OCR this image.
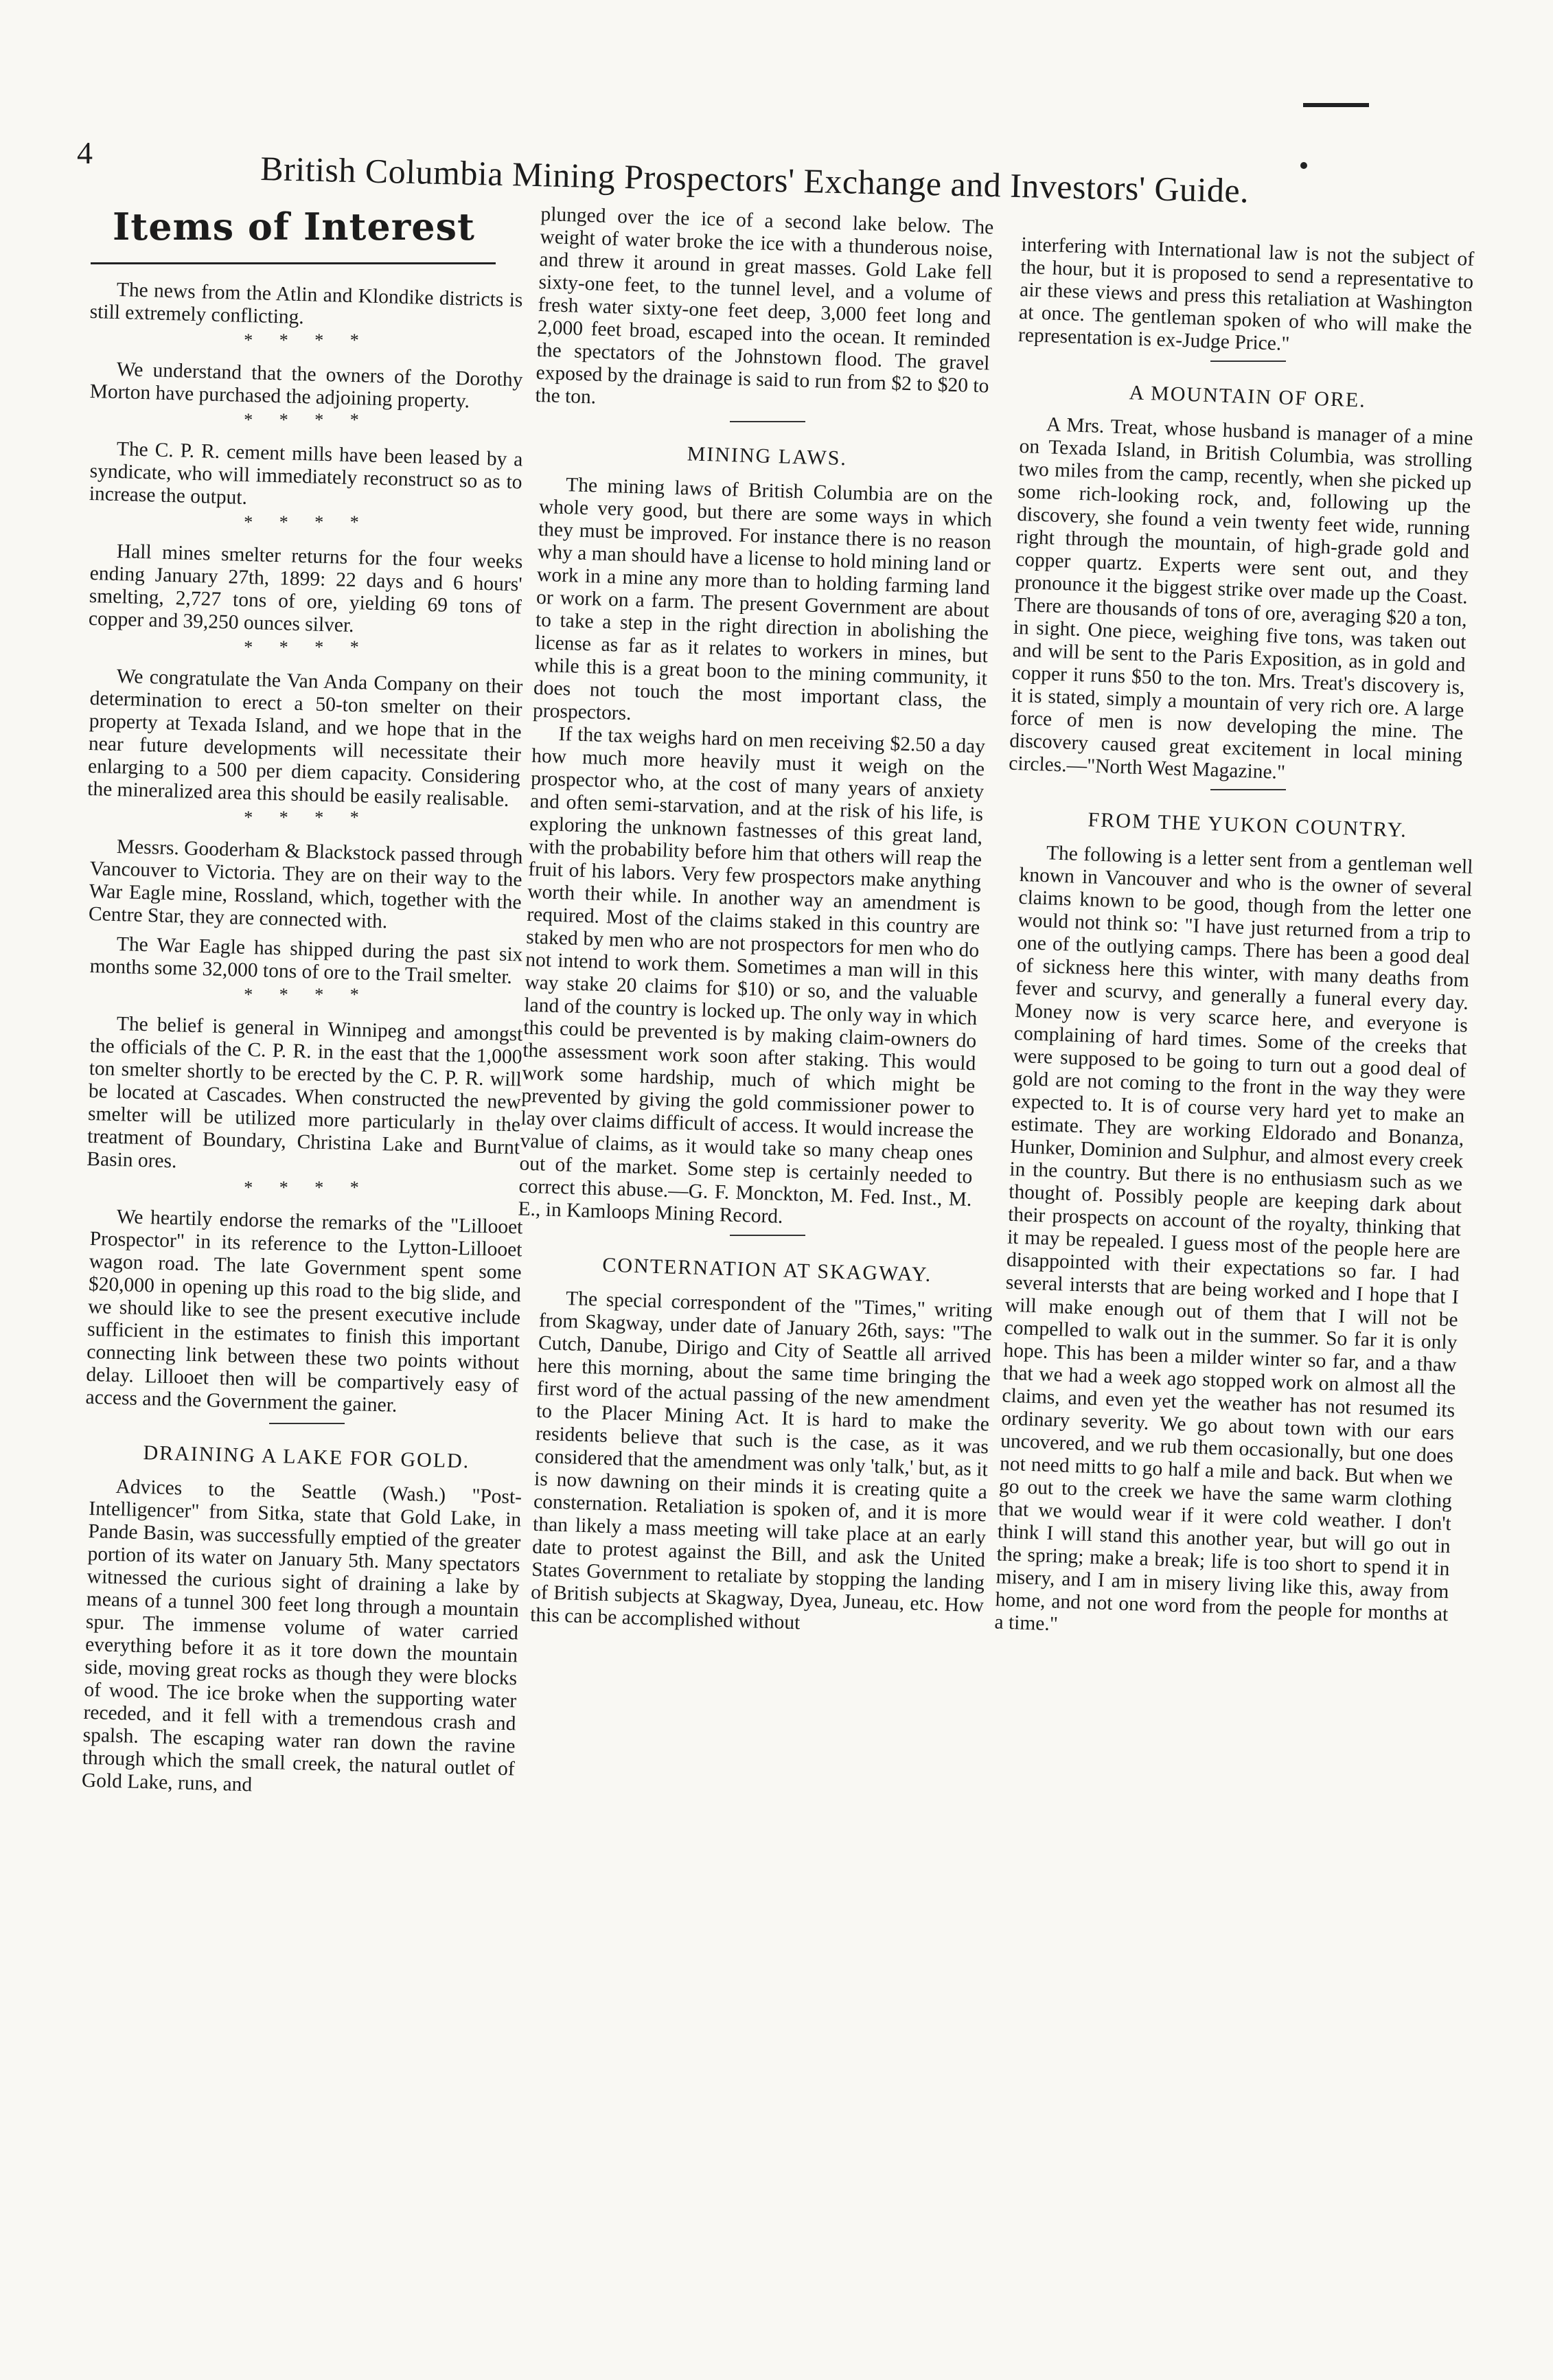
4	British Columbia Mining Prospectors' Exchange and Investors' Guide.
Items of Interest

The news from the Atlin and Klondike districts is still extremely conflicting.

* * * *

We understand that the owners of the Dorothy Morton have purchased the adjoining property.

* * * *

The C. P. R. cement mills have been leased by a syndicate, who will immediately reconstruct so as to increase the output.

* * * *

Hall mines smelter returns for the four weeks ending January 27th, 1899: 22 days and 6 hours' smelting, 2,727 tons of ore, yielding 69 tons of copper and 39,250 ounces silver.

* * * *

We congratulate the Van Anda Company on their determination to erect a 50-ton smelter on their property at Texada Island, and we hope that in the near future developments will necessitate their enlarging to a 500 per diem capacity. Considering the mineralized area this should be easily realisable.

* * * *

Messrs. Gooderham & Blackstock passed through Vancouver to Victoria. They are on their way to the War Eagle mine, Rossland, which, together with the Centre Star, they are connected with.

The War Eagle has shipped during the past six months some 32,000 tons of ore to the Trail smelter.

* * * *

The belief is general in Winnipeg and amongst the officials of the C. P. R. in the east that the 1,000 ton smelter shortly to be erected by the C. P. R. will be located at Cascades. When constructed the new smelter will be utilized more particularly in the treatment of Boundary, Christina Lake and Burnt Basin ores.

* * * *

We heartily endorse the remarks of the "Lillooet Prospector" in its reference to the Lytton-Lillooet wagon road. The late Government spent some $20,000 in opening up this road to the big slide, and we should like to see the present executive include sufficient in the estimates to finish this important connecting link between these two points without delay. Lillooet then will be compartively easy of access and the Government the gainer.

DRAINING A LAKE FOR GOLD.

Advices to the Seattle (Wash.) "Post-Intelligencer" from Sitka, state that Gold Lake, in Pande Basin, was successfully emptied of the greater portion of its water on January 5th. Many spectators witnessed the curious sight of draining a lake by means of a tunnel 300 feet long through a mountain spur. The immense volume of water carried everything before it as it tore down the mountain side, moving great rocks as though they were blocks of wood. The ice broke when the supporting water receded, and it fell with a tremendous crash and spalsh. The escaping water ran down the ravine through which the small creek, the natural outlet of Gold Lake, runs, and

plunged over the ice of a second lake below. The weight of water broke the ice with a thunderous noise, and threw it around in great masses. Gold Lake fell sixty-one feet, to the tunnel level, and a volume of fresh water sixty-one feet deep, 3,000 feet long and 2,000 feet broad, escaped into the ocean. It reminded the spectators of the Johnstown flood. The gravel exposed by the drainage is said to run from $2 to $20 to the ton.

MINING LAWS.

The mining laws of British Columbia are on the whole very good, but there are some ways in which they must be improved. For instance there is no reason why a man should have a license to hold mining land or work in a mine any more than to holding farming land or work on a farm. The present Government are about to take a step in the right direction in abolishing the license as far as it relates to workers in mines, but while this is a great boon to the mining community, it does not touch the most important class, the prospectors.

If the tax weighs hard on men receiving $2.50 a day how much more heavily must it weigh on the prospector who, at the cost of many years of anxiety and often semi-starvation, and at the risk of his life, is exploring the unknown fastnesses of this great land, with the probability before him that others will reap the fruit of his labors. Very few prospectors make anything worth their while. In another way an amendment is required. Most of the claims staked in this country are staked by men who are not prospectors for men who do not intend to work them. Sometimes a man will in this way stake 20 claims for $10) or so, and the valuable land of the country is locked up. The only way in which this could be prevented is by making claim-owners do the assessment work soon after staking. This would work some hardship, much of which might be prevented by giving the gold commissioner power to lay over claims difficult of access. It would increase the value of claims, as it would take so many cheap ones out of the market. Some step is certainly needed to correct this abuse.—G. F. Monckton, M. Fed. Inst., M. E., in Kamloops Mining Record.

CONTERNATION AT SKAGWAY.

The special correspondent of the "Times," writing from Skagway, under date of January 26th, says: "The Cutch, Danube, Dirigo and City of Seattle all arrived here this morning, about the same time bringing the first word of the actual passing of the new amendment to the Placer Mining Act. It is hard to make the residents believe that such is the case, as it was considered that the amendment was only 'talk,' but, as it is now dawning on their minds it is creating quite a consternation. Retaliation is spoken of, and it is more than likely a mass meeting will take place at an early date to protest against the Bill, and ask the United States Government to retaliate by stopping the landing of British subjects at Skagway, Dyea, Juneau, etc. How this can be accomplished without

interfering with International law is not the subject of the hour, but it is proposed to send a representative to air these views and press this retaliation at Washington at once. The gentleman spoken of who will make the representation is ex-Judge Price."

A MOUNTAIN OF ORE.

A Mrs. Treat, whose husband is manager of a mine on Texada Island, in British Columbia, was strolling two miles from the camp, recently, when she picked up some rich-looking rock, and, following up the discovery, she found a vein twenty feet wide, running right through the mountain, of high-grade gold and copper quartz. Experts were sent out, and they pronounce it the biggest strike over made up the Coast. There are thousands of tons of ore, averaging $20 a ton, in sight. One piece, weighing five tons, was taken out and will be sent to the Paris Exposition, as in gold and copper it runs $50 to the ton. Mrs. Treat's discovery is, it is stated, simply a mountain of very rich ore. A large force of men is now developing the mine. The discovery caused great excitement in local mining circles.—"North West Magazine."

FROM THE YUKON COUNTRY.

The following is a letter sent from a gentleman well known in Vancouver and who is the owner of several claims known to be good, though from the letter one would not think so: "I have just returned from a trip to one of the outlying camps. There has been a good deal of sickness here this winter, with many deaths from fever and scurvy, and generally a funeral every day. Money now is very scarce here, and everyone is complaining of hard times. Some of the creeks that were supposed to be going to turn out a good deal of gold are not coming to the front in the way they were expected to. It is of course very hard yet to make an estimate. They are working Eldorado and Bonanza, Hunker, Dominion and Sulphur, and almost every creek in the country. But there is no enthusiasm such as we thought of. Possibly people are keeping dark about their prospects on account of the royalty, thinking that it may be repealed. I guess most of the people here are disappointed with their expectations so far. I had several intersts that are being worked and I hope that I will make enough out of them that I will not be compelled to walk out in the summer. So far it is only hope. This has been a milder winter so far, and a thaw that we had a week ago stopped work on almost all the claims, and even yet the weather has not resumed its ordinary severity. We go about town with our ears uncovered, and we rub them occasionally, but one does not need mitts to go half a mile and back. But when we go out to the creek we have the same warm clothing that we would wear if it were cold weather. I don't think I will stand this another year, but will go out in the spring; make a break; life is too short to spend it in misery, and I am in misery living like this, away from home, and not one word from the people for months at a time."
